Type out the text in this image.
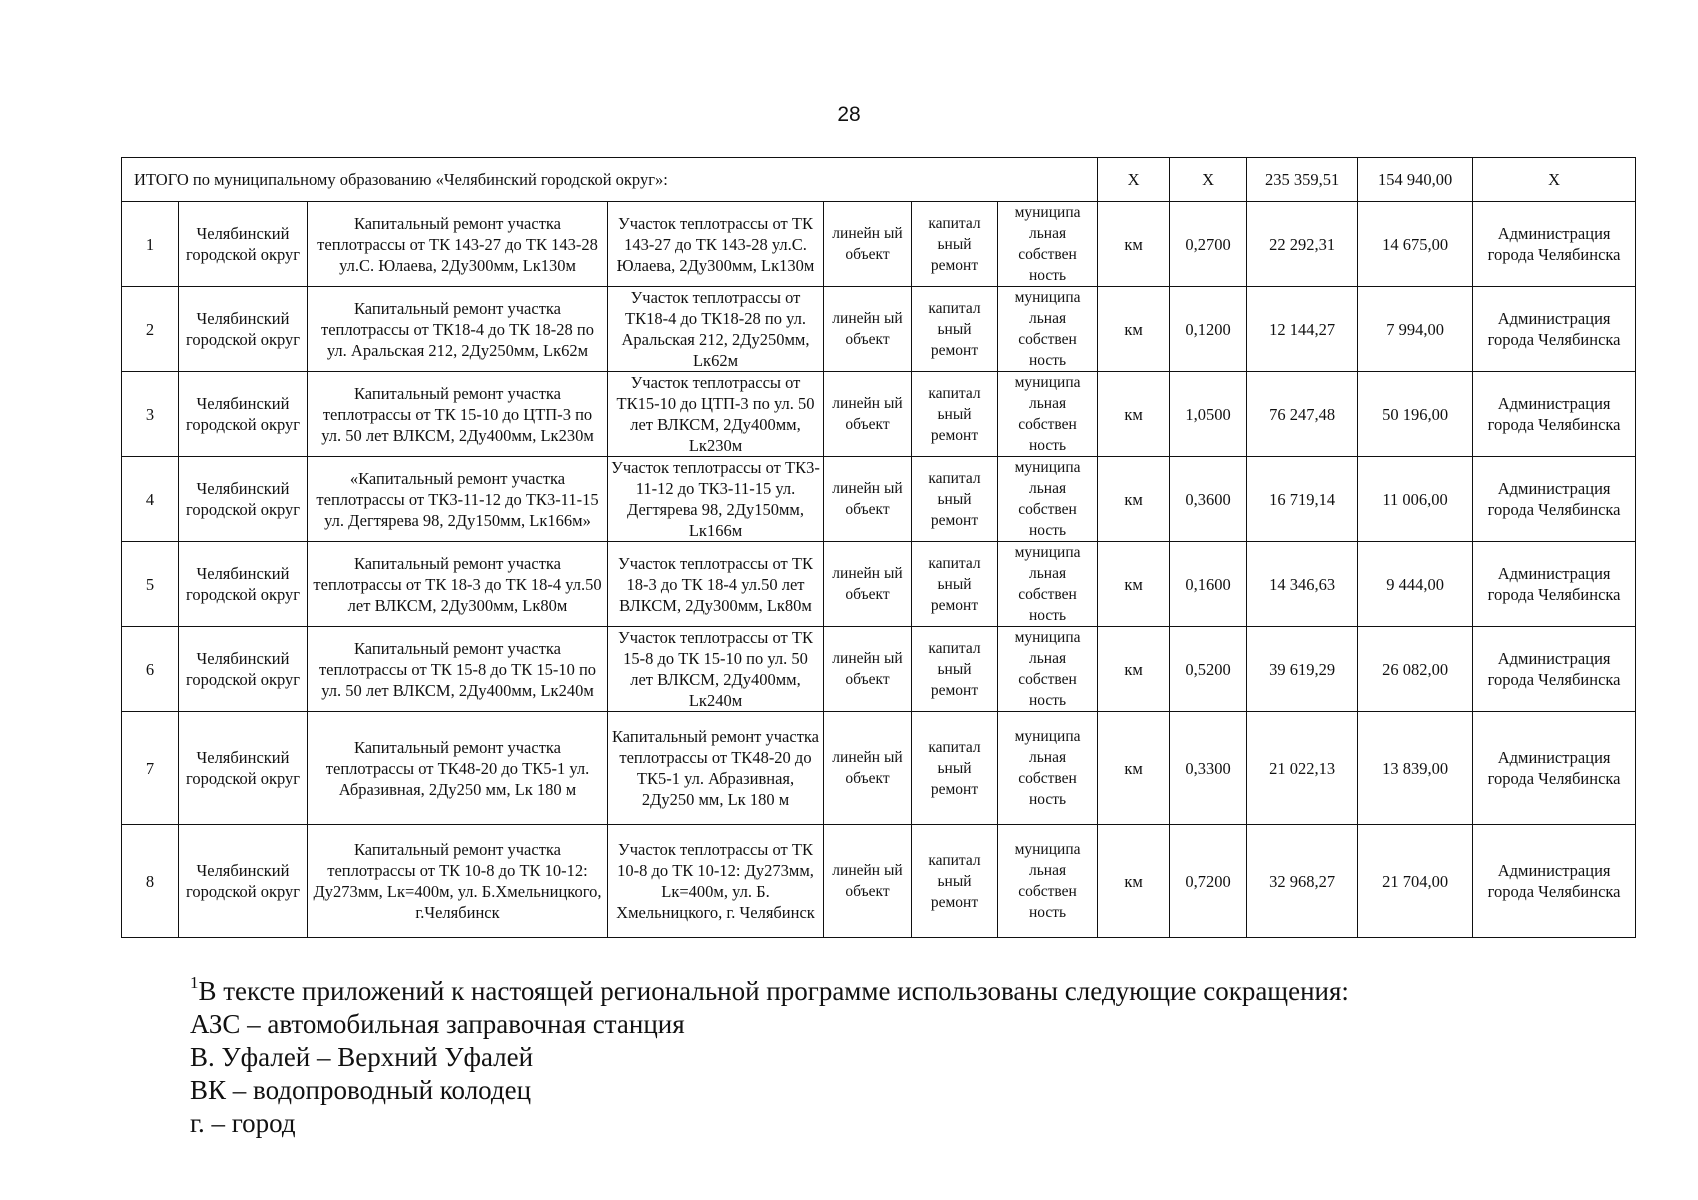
28
ИТОГО по муниципальному образованию «Челябинский городской округ»:							Х	Х	235 359,51	154 940,00	Х
1	Челябинский городской округ	Капитальный ремонт участка теплотрассы от ТК 143-27 до ТК 143-28 ул.С. Юлаева, 2Ду300мм, Lк130м	Участок теплотрассы от ТК 143-27 до ТК 143-28 ул.С. Юлаева, 2Ду300мм, Lк130м	линейн ый объект	капитал ьный ремонт	муниципа льная собствен ность	км	0,2700	22 292,31	14 675,00	Администрация города Челябинска
2	Челябинский городской округ	Капитальный ремонт участка теплотрассы от ТК18-4 до ТК 18-28 по ул. Аральская 212, 2Ду250мм, Lк62м	Участок теплотрассы от ТК18-4 до ТК18-28 по ул. Аральская 212, 2Ду250мм, Lк62м	линейн ый объект	капитал ьный ремонт	муниципа льная собствен ность	км	0,1200	12 144,27	7 994,00	Администрация города Челябинска
3	Челябинский городской округ	Капитальный ремонт участка теплотрассы от ТК 15-10 до ЦТП-3 по ул. 50 лет ВЛКСМ, 2Ду400мм, Lк230м	Участок теплотрассы от ТК15-10 до ЦТП-3 по ул. 50 лет ВЛКСМ, 2Ду400мм, Lк230м	линейн ый объект	капитал ьный ремонт	муниципа льная собствен ность	км	1,0500	76 247,48	50 196,00	Администрация города Челябинска
4	Челябинский городской округ	«Капитальный ремонт участка теплотрассы от ТК3-11-12 до ТК3-11-15 ул. Дегтярева 98, 2Ду150мм, Lк166м»	Участок теплотрассы от ТК3-11-12 до ТК3-11-15 ул. Дегтярева 98, 2Ду150мм, Lк166м	линейн ый объект	капитал ьный ремонт	муниципа льная собствен ность	км	0,3600	16 719,14	11 006,00	Администрация города Челябинска
5	Челябинский городской округ	Капитальный ремонт участка теплотрассы от ТК 18-3 до ТК 18-4 ул.50 лет ВЛКСМ, 2Ду300мм, Lк80м	Участок теплотрассы от ТК 18-3 до ТК 18-4 ул.50 лет ВЛКСМ, 2Ду300мм, Lк80м	линейн ый объект	капитал ьный ремонт	муниципа льная собствен ность	км	0,1600	14 346,63	9 444,00	Администрация города Челябинска
6	Челябинский городской округ	Капитальный ремонт участка теплотрассы от ТК 15-8 до ТК 15-10 по ул. 50 лет ВЛКСМ, 2Ду400мм, Lк240м	Участок теплотрассы от ТК 15-8 до ТК 15-10 по ул. 50 лет ВЛКСМ, 2Ду400мм, Lк240м	линейн ый объект	капитал ьный ремонт	муниципа льная собствен ность	км	0,5200	39 619,29	26 082,00	Администрация города Челябинска
7	Челябинский городской округ	Капитальный ремонт участка теплотрассы от ТК48-20 до ТК5-1 ул. Абразивная, 2Ду250 мм, Lк 180 м	Капитальный ремонт участка теплотрассы от ТК48-20 до ТК5-1 ул. Абразивная, 2Ду250 мм, Lк 180 м	линейн ый объект	капитал ьный ремонт	муниципа льная собствен ность	км	0,3300	21 022,13	13 839,00	Администрация города Челябинска
8	Челябинский городской округ	Капитальный ремонт участка теплотрассы от ТК 10-8 до ТК 10-12: Ду273мм, Lк=400м, ул. Б.Хмельницкого, г.Челябинск	Участок теплотрассы от ТК 10-8 до ТК 10-12: Ду273мм, Lк=400м, ул. Б. Хмельницкого, г. Челябинск	линейн ый объект	капитал ьный ремонт	муниципа льная собствен ность	км	0,7200	32 968,27	21 704,00	Администрация города Челябинска

$^1$В тексте приложений к настоящей региональной программе использованы следующие сокращения:

АЗС – автомобильная заправочная станция

В. Уфалей – Верхний Уфалей

ВК – водопроводный колодец

г. – город
